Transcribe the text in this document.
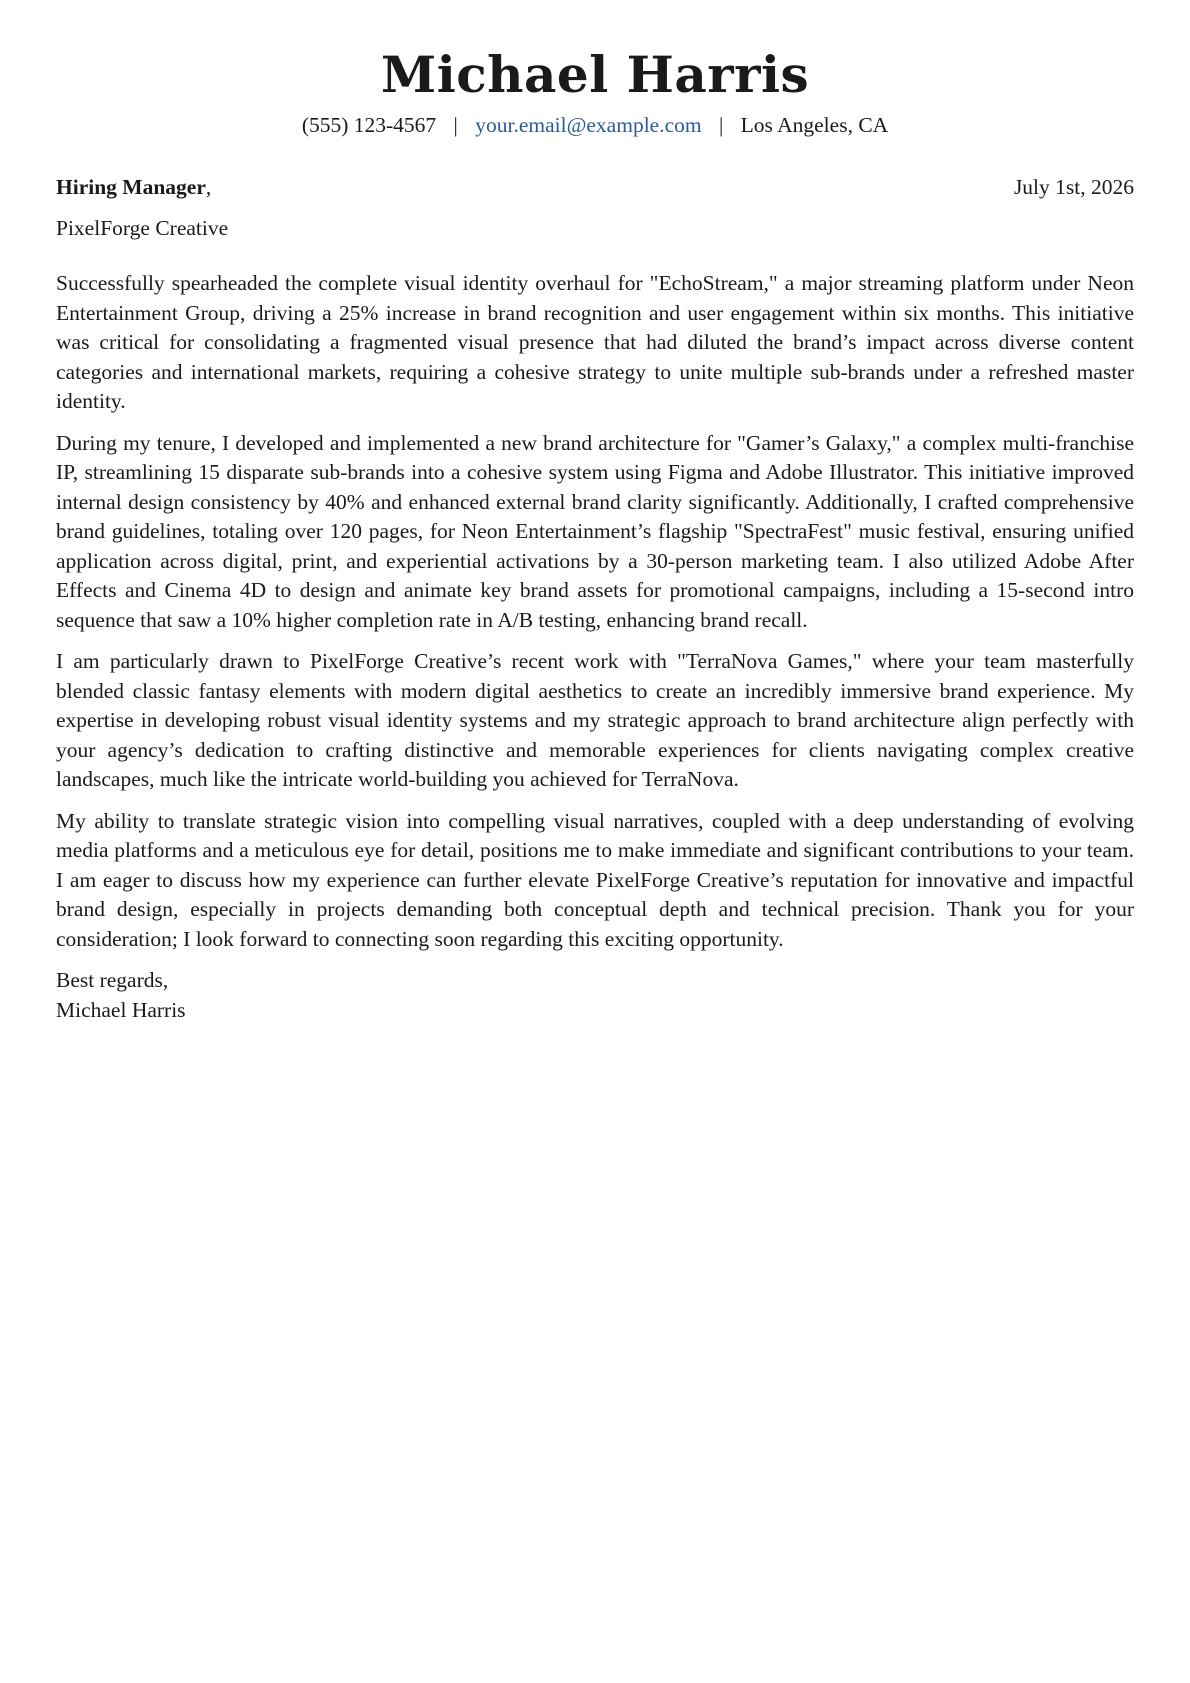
Michael Harris
(555) 123-4567 | your.email@example.com | Los Angeles, CA
Hiring Manager,	July 1st, 2026
PixelForge Creative

Successfully spearheaded the complete visual identity overhaul for "EchoStream," a major streaming platform under Neon Entertainment Group, driving a 25% increase in brand recognition and user engagement within six months. This initiative was critical for consolidating a fragmented visual presence that had diluted the brand’s impact across diverse content categories and international markets, requiring a cohesive strategy to unite multiple sub-brands under a refreshed master identity.

During my tenure, I developed and implemented a new brand architecture for "Gamer’s Galaxy," a complex multi-franchise IP, streamlining 15 disparate sub-brands into a cohesive system using Figma and Adobe Illustrator. This initiative improved internal design consistency by 40% and enhanced external brand clarity significantly. Additionally, I crafted comprehensive brand guidelines, totaling over 120 pages, for Neon Entertainment’s flagship "SpectraFest" music festival, ensuring unified application across digital, print, and experiential activations by a 30-person marketing team. I also utilized Adobe After Effects and Cinema 4D to design and animate key brand assets for promotional campaigns, including a 15-second intro sequence that saw a 10% higher completion rate in A/B testing, enhancing brand recall.

I am particularly drawn to PixelForge Creative’s recent work with "TerraNova Games," where your team masterfully blended classic fantasy elements with modern digital aesthetics to create an incredibly immersive brand experience. My expertise in developing robust visual identity systems and my strategic approach to brand architecture align perfectly with your agency’s dedication to crafting distinctive and memorable experiences for clients navigating complex creative landscapes, much like the intricate world-building you achieved for TerraNova.

My ability to translate strategic vision into compelling visual narratives, coupled with a deep understanding of evolving media platforms and a meticulous eye for detail, positions me to make immediate and significant contributions to your team. I am eager to discuss how my experience can further elevate PixelForge Creative’s reputation for innovative and impactful brand design, especially in projects demanding both conceptual depth and technical precision. Thank you for your consideration; I look forward to connecting soon regarding this exciting opportunity.

Best regards,
Michael Harris
